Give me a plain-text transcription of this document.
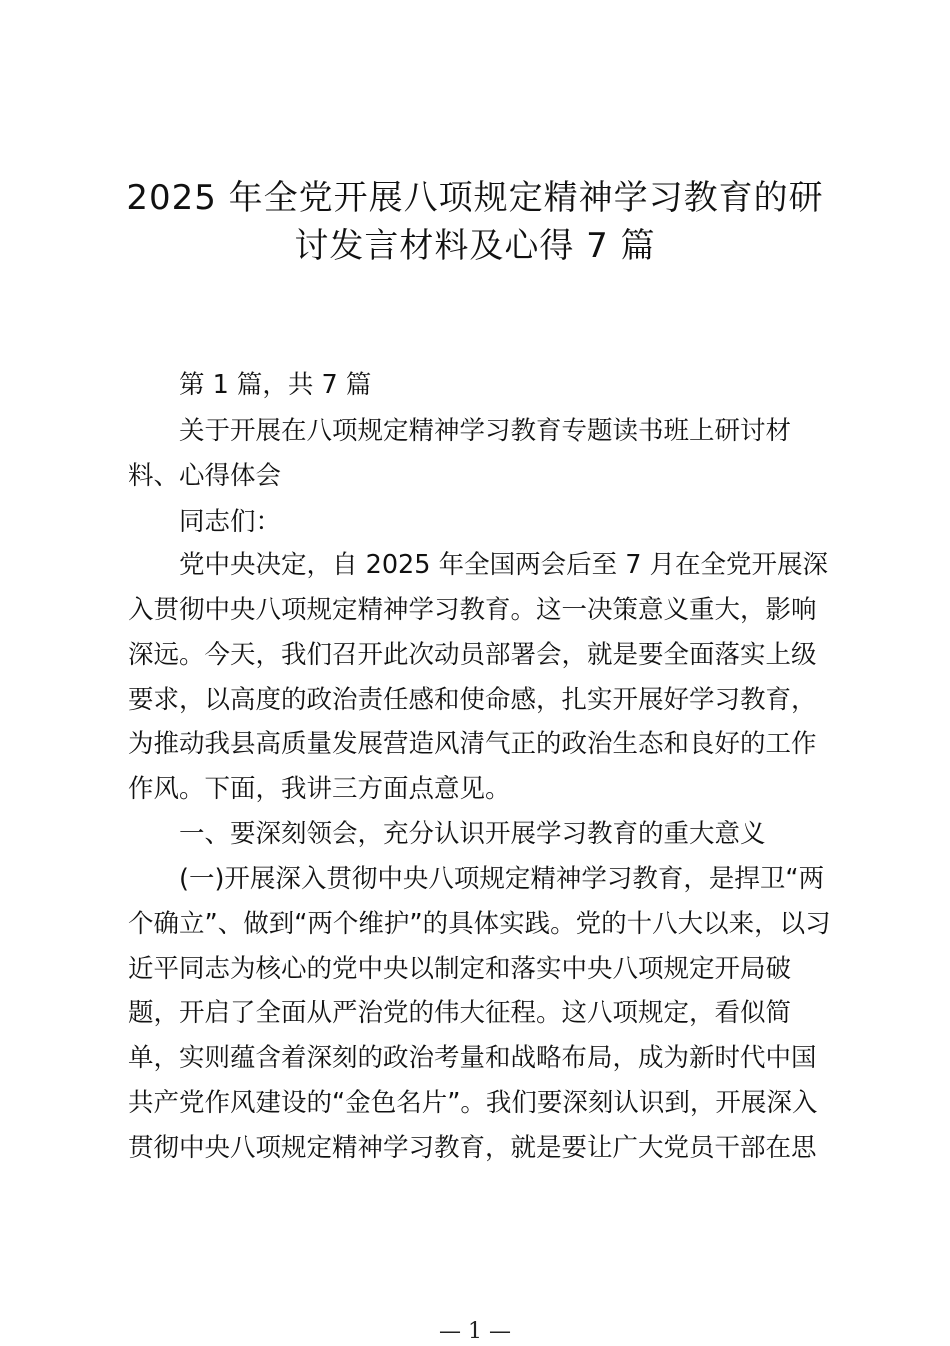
2025 年全党开展八项规定精神学习教育的研
讨发言材料及心得 7 篇

第 1 篇，共 7 篇

关于开展在八项规定精神学习教育专题读书班上研讨材

料、心得体会

同志们：

党中央决定，自 2025 年全国两会后至 7 月在全党开展深

入贯彻中央八项规定精神学习教育。这一决策意义重大，影响

深远。今天，我们召开此次动员部署会，就是要全面落实上级

要求，以高度的政治责任感和使命感，扎实开展好学习教育，

为推动我县高质量发展营造风清气正的政治生态和良好的工作

作风。下面，我讲三方面点意见。

一、要深刻领会，充分认识开展学习教育的重大意义

(一)开展深入贯彻中央八项规定精神学习教育，是捍卫“两

个确立”、做到“两个维护”的具体实践。党的十八大以来，以习

近平同志为核心的党中央以制定和落实中央八项规定开局破

题，开启了全面从严治党的伟大征程。这八项规定，看似简

单，实则蕴含着深刻的政治考量和战略布局，成为新时代中国

共产党作风建设的“金色名片”。我们要深刻认识到，开展深入

贯彻中央八项规定精神学习教育，就是要让广大党员干部在思

— 1 —
